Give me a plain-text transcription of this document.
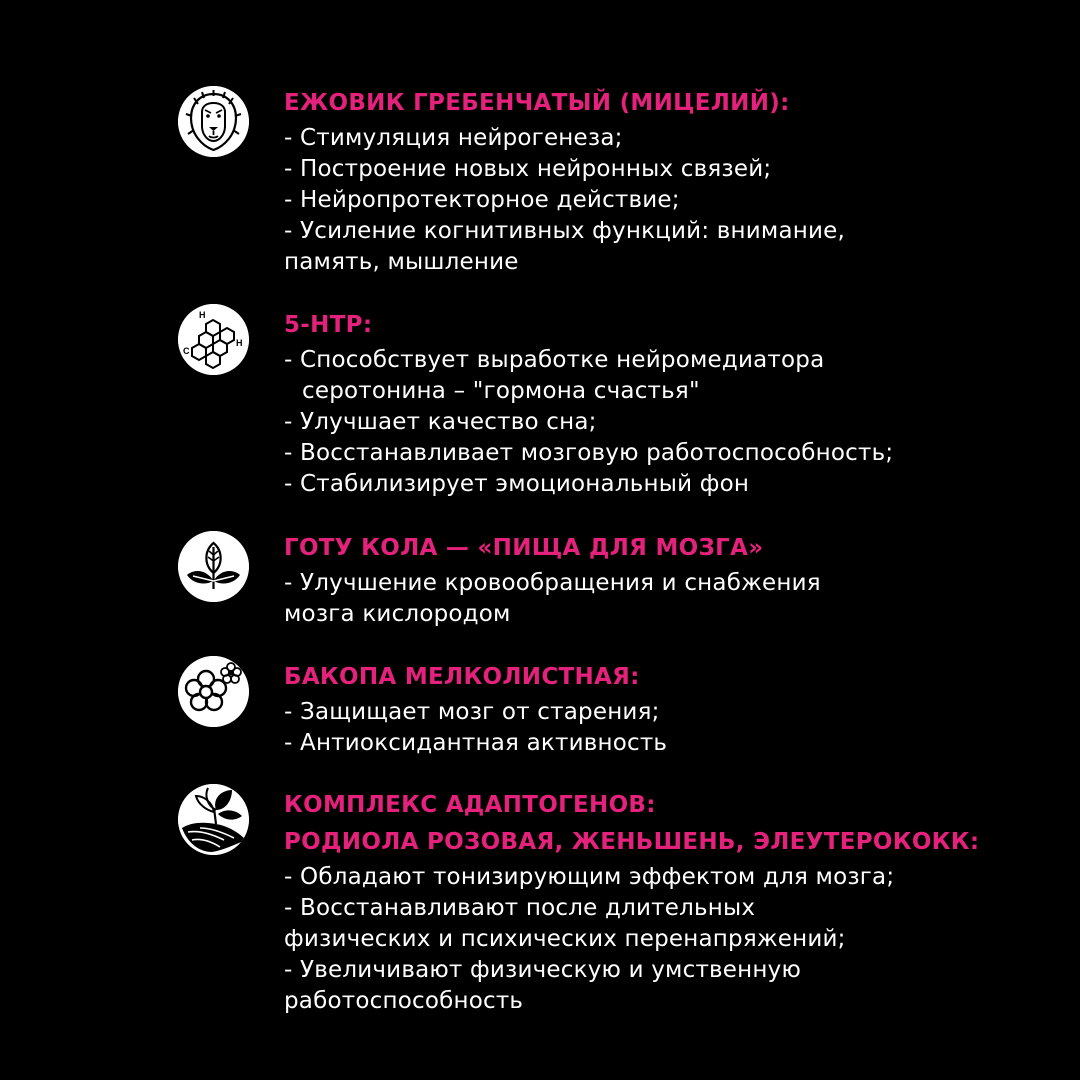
ЕЖОВИК ГРЕБЕНЧАТЫЙ (МИЦЕЛИЙ):
- Стимуляция нейрогенеза;
- Построение новых нейронных связей;
- Нейропротекторное действие;
- Усиление когнитивных функций: внимание,
память, мышление
H
H
C
5-HTP:
- Способствует выработке нейромедиатора
серотонина – "гормона счастья"
- Улучшает качество сна;
- Восстанавливает мозговую работоспособность;
- Стабилизирует эмоциональный фон
ГОТУ КОЛА — «ПИЩА ДЛЯ МОЗГА»
- Улучшение кровообращения и снабжения
мозга кислородом
БАКОПА МЕЛКОЛИСТНАЯ:
- Защищает мозг от старения;
- Антиоксидантная активность
КОМПЛЕКС АДАПТОГЕНОВ:
РОДИОЛА РОЗОВАЯ, ЖЕНЬШЕНЬ, ЭЛЕУТЕРОКОКК:
- Обладают тонизирующим эффектом для мозга;
- Восстанавливают после длительных
физических и психических перенапряжений;
- Увеличивают физическую и умственную
работоспособность
